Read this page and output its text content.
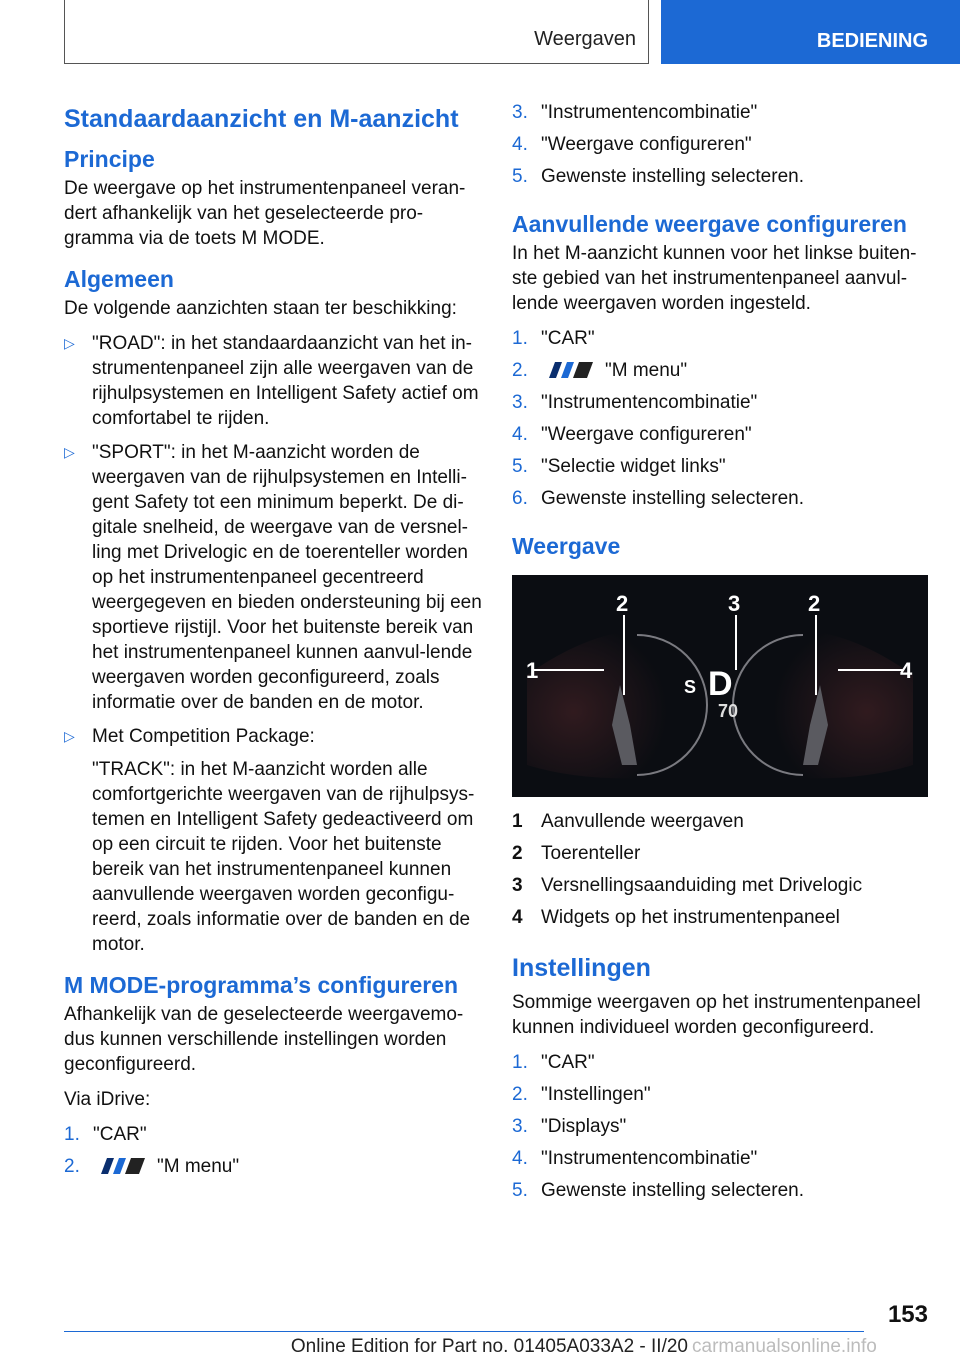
Weergaven	BEDIENING
Standaardaanzicht en M-aanzicht
Principe

De weergave op het instrumentenpaneel veran-dert afhankelijk van het geselecteerde pro-gramma via de toets M MODE.

Algemeen

De volgende aanzichten staan ter beschikking:

▷ "ROAD": in het standaardaanzicht van het in-strumentenpaneel zijn alle weergaven van de rijhulpsystemen en Intelligent Safety actief om comfortabel te rijden.
▷ "SPORT": in het M-aanzicht worden de weergaven van de rijhulpsystemen en Intelli-gent Safety tot een minimum beperkt. De di-gitale snelheid, de weergave van de versnel-ling met Drivelogic en de toerenteller worden op het instrumentenpaneel gecentreerd weergegeven en bieden ondersteuning bij een sportieve rijstijl. Voor het buitenste bereik van het instrumentenpaneel kunnen aanvul-lende weergaven worden geconfigureerd, zoals informatie over de banden en de motor.
▷ Met Competition Package:
"TRACK": in het M-aanzicht worden alle comfortgerichte weergaven van de rijhulpsys-temen en Intelligent Safety gedeactiveerd om op een circuit te rijden. Voor het buitenste bereik van het instrumentenpaneel kunnen aanvullende weergaven worden geconfigu-reerd, zoals informatie over de banden en de motor.
M MODE-programma’s configureren

Afhankelijk van de geselecteerde weergavemo-dus kunnen verschillende instellingen worden geconfigureerd.

Via iDrive:

1. "CAR"
2.	"M menu"
3. "Instrumentencombinatie"
4. "Weergave configureren"
5. Gewenste instelling selecteren.
Aanvullende weergave configureren

In het M-aanzicht kunnen voor het linkse buiten-ste gebied van het instrumentenpaneel aanvul-lende weergaven worden ingesteld.

1. "CAR"
2.	"M menu"
3. "Instrumentencombinatie"
4. "Weergave configureren"
5. "Selectie widget links"
6. Gewenste instelling selecteren.
Weergave
1
2	3	2
4
S D
70
1 Aanvullende weergaven
2 Toerenteller
3 Versnellingsaanduiding met Drivelogic
4 Widgets op het instrumentenpaneel
Instellingen

Sommige weergaven op het instrumentenpaneel kunnen individueel worden geconfigureerd.

1. "CAR"
2. "Instellingen"
3. "Displays"
4. "Instrumentencombinatie"
5. Gewenste instelling selecteren.
153
Online Edition for Part no. 01405A033A2 - II/20 carmanualsonline.info
